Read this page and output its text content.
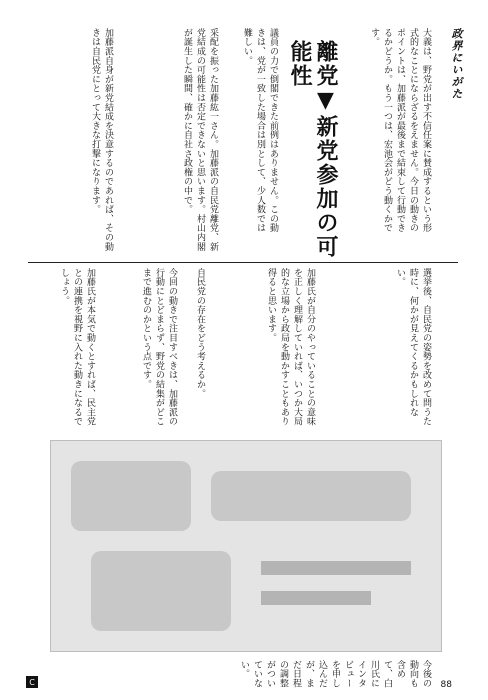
政界にいがた

大義は、野党が出す不信任案に賛成するという形式的なことにならざるをえません。今日の動きのポイントは、加藤派が最後まで結束して行動できるかどうか。もう一つは、宏池会がどう動くかです。

議員の力で倒閣できた前例はありません。この動きは、党が一致した場合は別として、少人数では難しい。

	離党▼新党参加の可能性

采配を振った加藤紘一さん。加藤派の自民党離党、新党結成の可能性は否定できないと思います。村山内閣が誕生した瞬間、確かに自社さ政権の中で。

加藤派自身が新党結成を決意するのであれば、その動きは自民党にとって大きな打撃になります。

選挙後、自民党の姿勢を改めて問うた時に、何かが見えてくるかもしれない。

加藤氏が自分のやっていることの意味を正しく理解していれば、いつか大局的な立場から政局を動かすこともあり得ると思います。

自民党の存在をどう考えるか。

今回の動きで注目すべきは、加藤派の行動にとどまらず、野党の結集がどこまで進むのかという点です。

加藤氏が本気で動くとすれば、民主党との連携を視野に入れた動きになるでしょう。

今後の動向も含めて、白川氏にインタビューを申し込んだが、まだ日程の調整がついていない。

C	88
